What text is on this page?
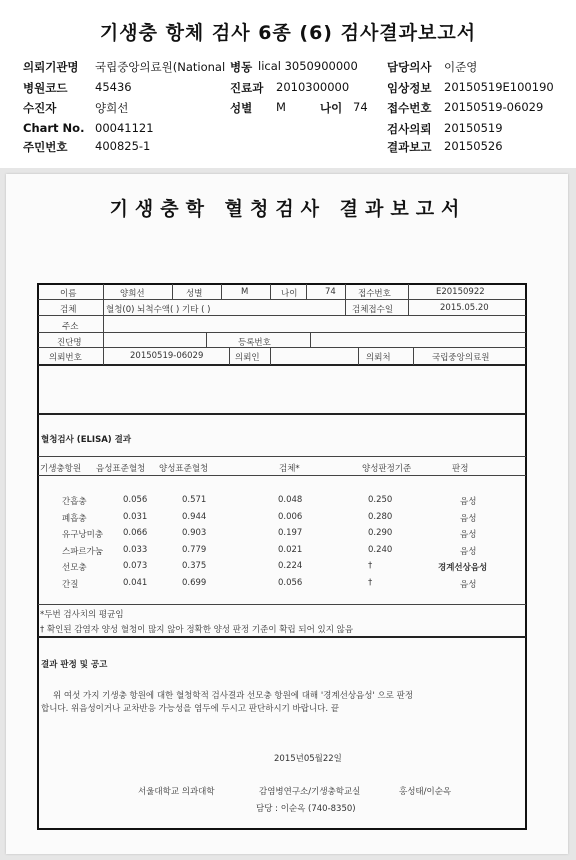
기생충 항체 검사 6종 (6) 검사결과보고서
의뢰기관명 국립중앙의료원(National 병동 lical 3050900000	담당의사 이준영
병원코드 45436	진료과 2010300000	임상정보 20150519E100190
수진자	양희선	성별 M	나이 74 접수번호 20150519-06029
Chart No. 00041121	검사의뢰 20150519
주민번호 400825-1	결과보고 20150526
기생충학 혈청검사 결과보고서
이름	양희선	성별	M	나이	74	접수번호	E20150922
검체	혈청(0) 뇌척수액( ) 기타 ( )	검체접수일	2015.05.20
주소
진단명	등록번호
의뢰번호	20150519-06029	의뢰인	의뢰처	국립중앙의료원
혈청검사 (ELISA) 결과
기생충항원 음성표준혈청 양성표준혈청	검체*	양성판정기준	판정
간흡충	0.056	0.571	0.048	0.250	음성
폐흡충	0.031	0.944	0.006	0.280	음성
유구낭미충 0.066	0.903	0.197	0.290	음성
스파르가눔 0.033	0.779	0.021	0.240	음성
선모충	0.073	0.375	0.224	†	경계선상음성
간질	0.041	0.699	0.056	†	음성
*두번 검사치의 평균임
† 확인된 감염자 양성 혈청이 많지 않아 정확한 양성 판정 기준이 확립 되어 있지 않음
결과 판정 및 공고
위 여섯 가지 기생충 항원에 대한 혈청학적 검사결과 선모충 항원에 대해 '경계선상음성' 으로 판정
합니다. 위음성이거나 교차반응 가능성을 염두에 두시고 판단하시기 바랍니다. 끝
2015년05월22일
서울대학교 의과대학	감염병연구소/기생충학교실	홍성태/이순옥
담당 : 이순옥 (740-8350)
